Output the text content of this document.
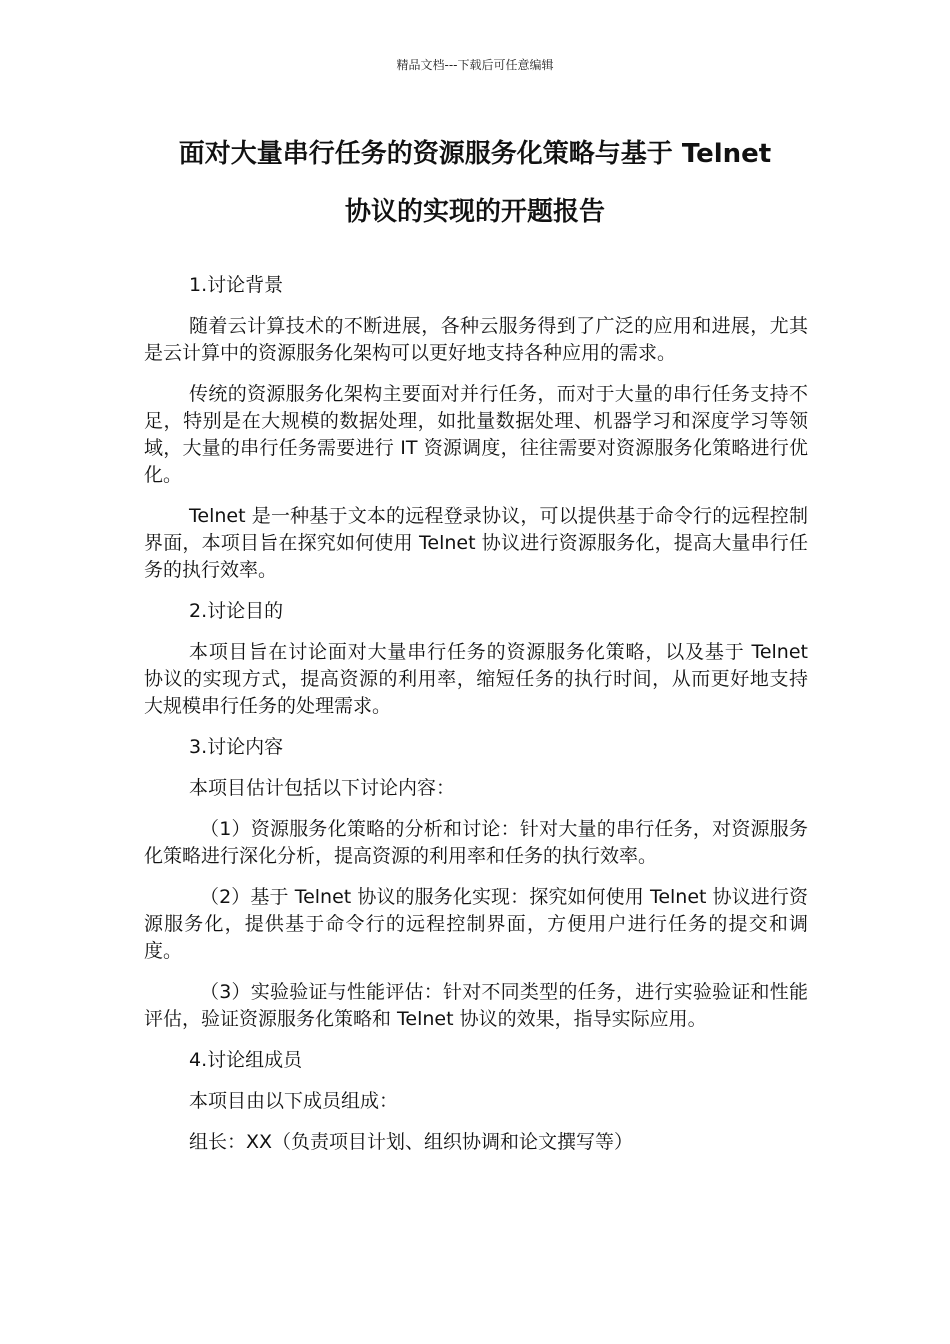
精品文档---下载后可任意编辑
面对大量串行任务的资源服务化策略与基于 Telnet
协议的实现的开题报告

1.讨论背景

随着云计算技术的不断进展，各种云服务得到了广泛的应用和进展，尤其是云计算中的资源服务化架构可以更好地支持各种应用的需求。

传统的资源服务化架构主要面对并行任务，而对于大量的串行任务支持不足，特别是在大规模的数据处理，如批量数据处理、机器学习和深度学习等领域，大量的串行任务需要进行 IT 资源调度，往往需要对资源服务化策略进行优化。

Telnet 是一种基于文本的远程登录协议，可以提供基于命令行的远程控制界面，本项目旨在探究如何使用 Telnet 协议进行资源服务化，提高大量串行任务的执行效率。

2.讨论目的

本项目旨在讨论面对大量串行任务的资源服务化策略，以及基于 Telnet 协议的实现方式，提高资源的利用率，缩短任务的执行时间，从而更好地支持大规模串行任务的处理需求。

3.讨论内容

本项目估计包括以下讨论内容：

（1）资源服务化策略的分析和讨论：针对大量的串行任务，对资源服务化策略进行深化分析，提高资源的利用率和任务的执行效率。

（2）基于 Telnet 协议的服务化实现：探究如何使用 Telnet 协议进行资源服务化，提供基于命令行的远程控制界面，方便用户进行任务的提交和调度。

（3）实验验证与性能评估：针对不同类型的任务，进行实验验证和性能评估，验证资源服务化策略和 Telnet 协议的效果，指导实际应用。

4.讨论组成员

本项目由以下成员组成：

组长：XX（负责项目计划、组织协调和论文撰写等）
